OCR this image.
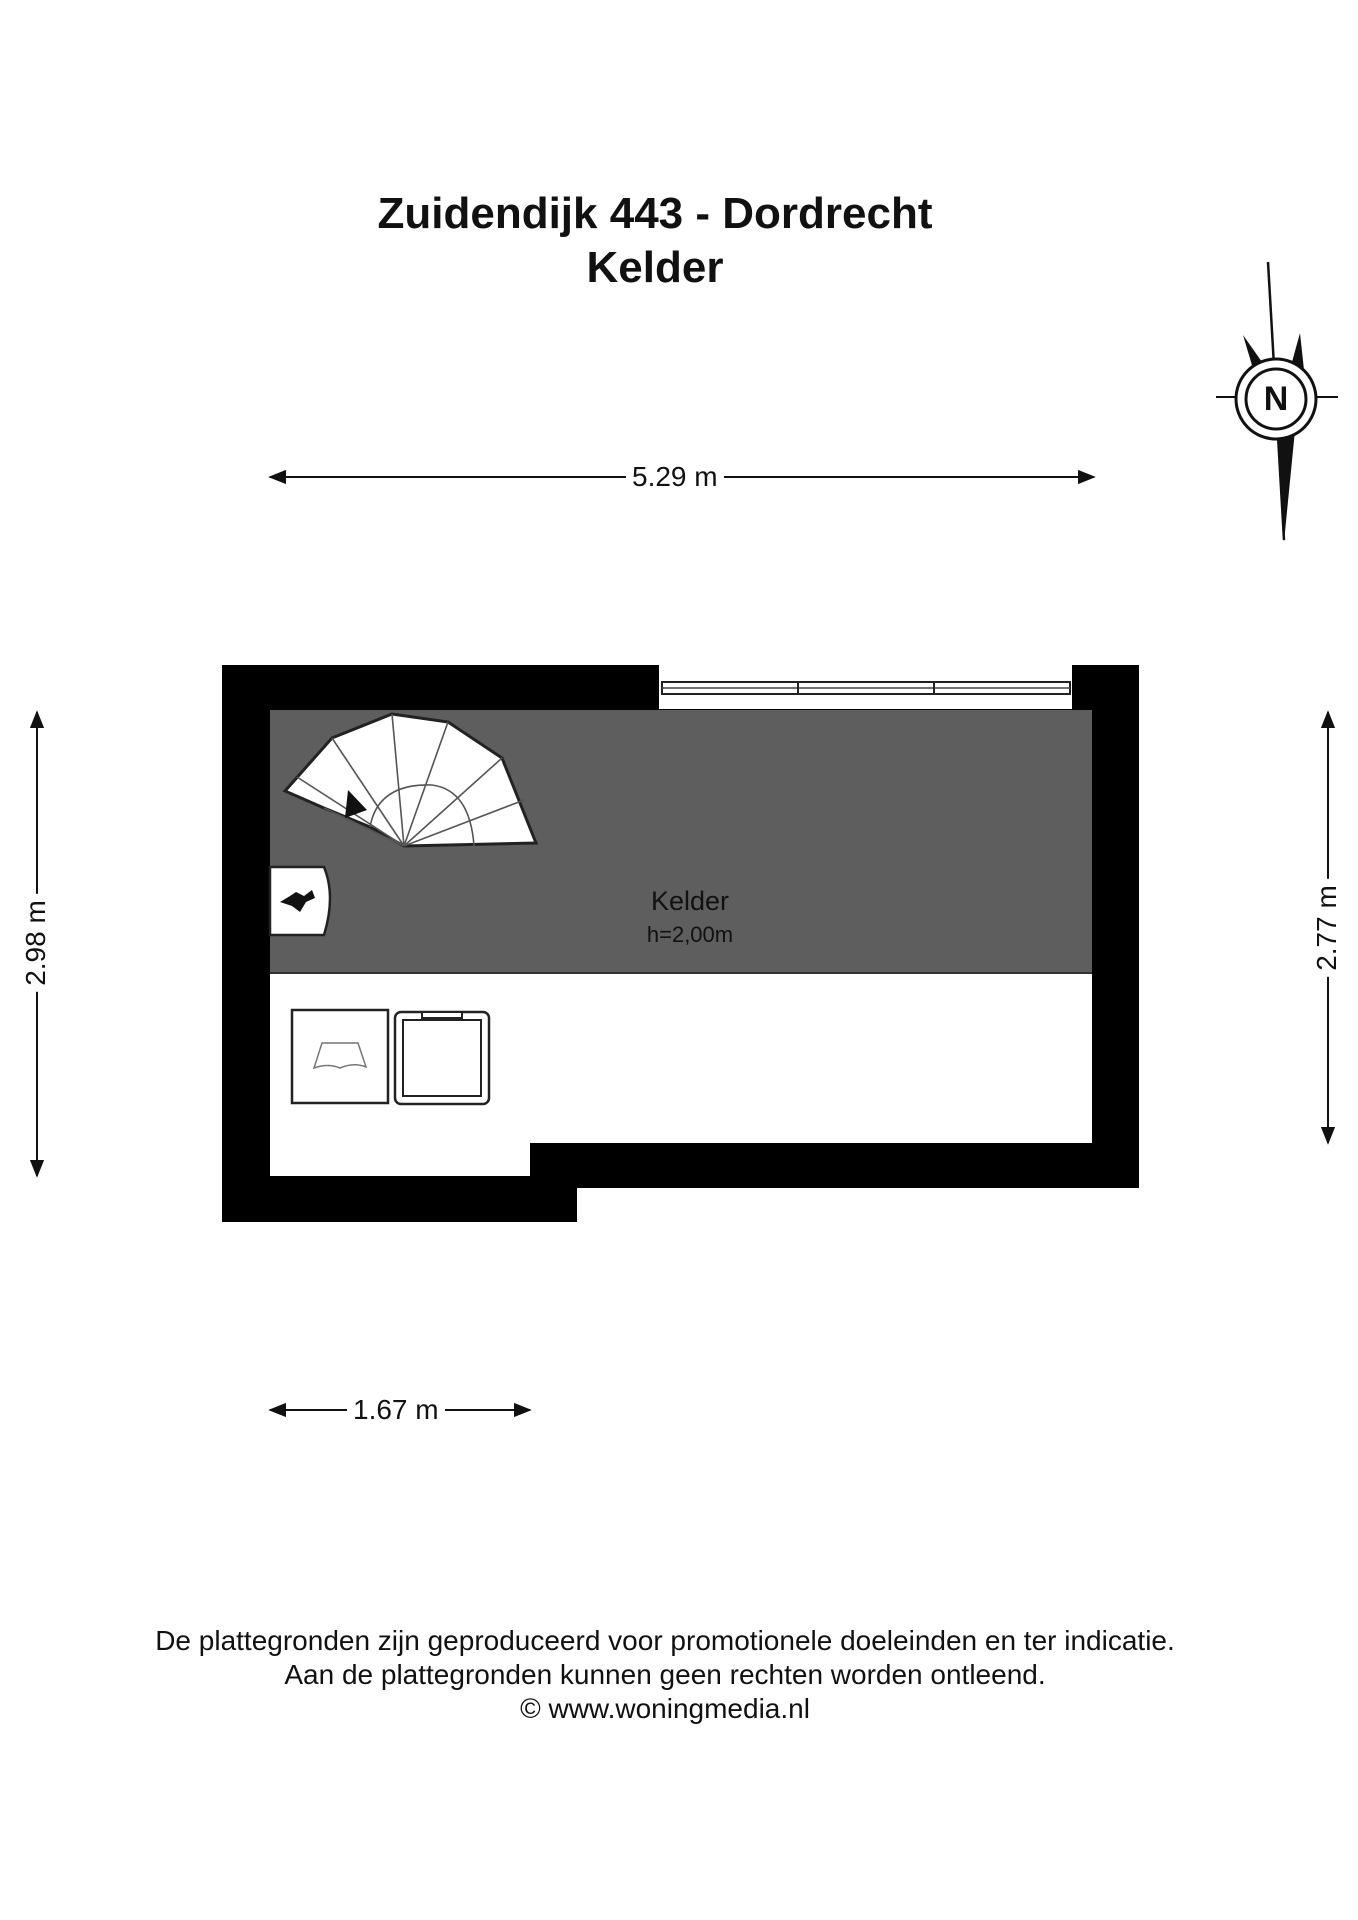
Zuidendijk 443 - Dordrecht
Kelder
5.29 m
2.98 m	2.77 m
1.67 m
Kelder
h=2,00m
N
De plattegronden zijn geproduceerd voor promotionele doeleinden en ter indicatie.
Aan de plattegronden kunnen geen rechten worden ontleend.
© www.woningmedia.nl
